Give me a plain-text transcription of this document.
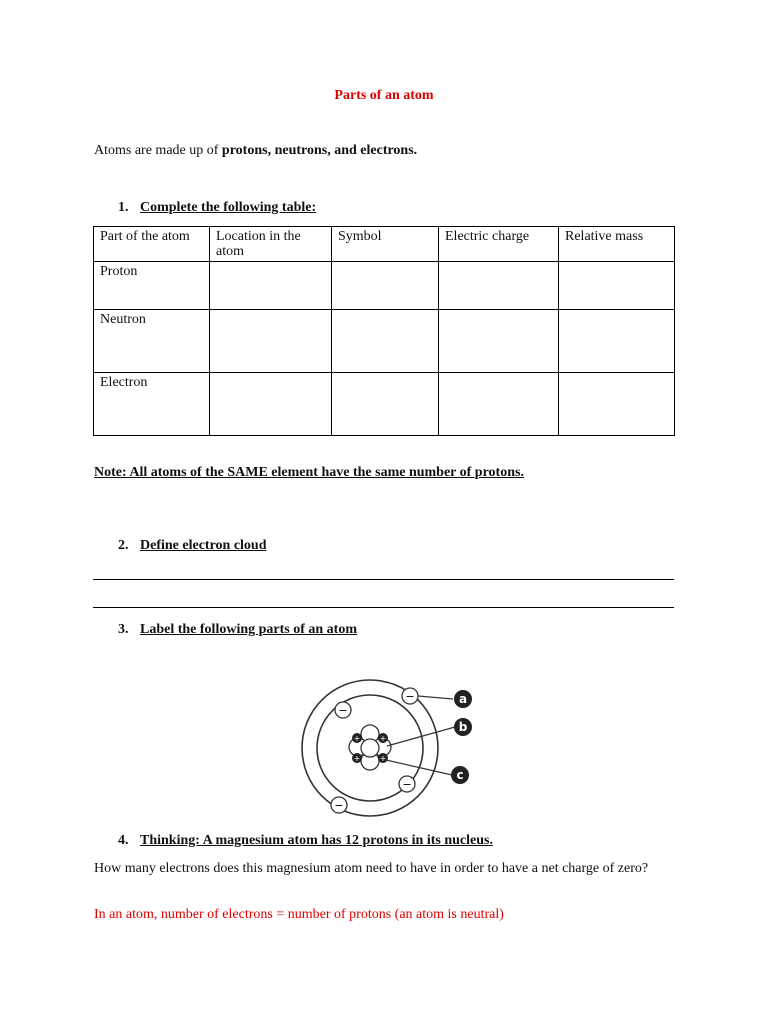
Parts of an atom
Atoms are made up of protons, neutrons, and electrons.
1. Complete the following table:
Part of the atom	Location in the atom	Symbol	Electric charge	Relative mass
Proton				
Neutron				
Electron				
Note: All atoms of the SAME element have the same number of protons.
2. Define electron cloud
3. Label the following parts of an atom
−
−
−
−
+ +
+ +
a
b
c
4. Thinking: A magnesium atom has 12 protons in its nucleus.
How many electrons does this magnesium atom need to have in order to have a net charge of zero?
In an atom, number of electrons = number of protons (an atom is neutral)
